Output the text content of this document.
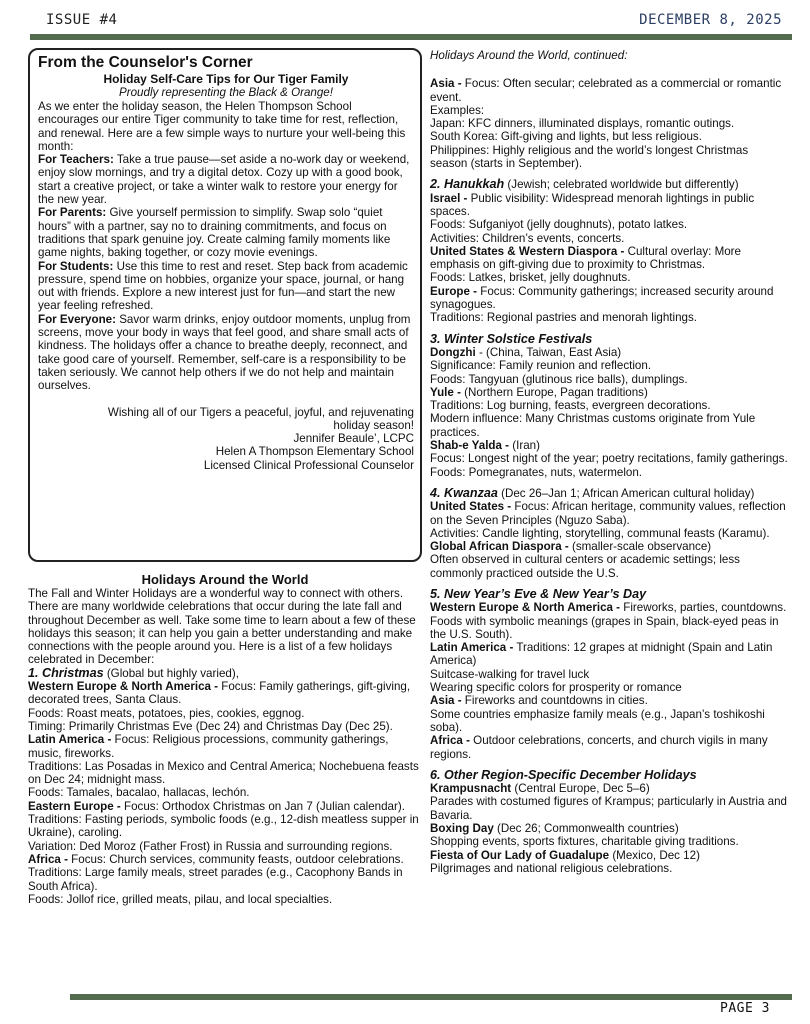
ISSUE #4	DECEMBER 8, 2025
From the Counselor's Corner
Holiday Self-Care Tips for Our Tiger Family
Proudly representing the Black & Orange!

As we enter the holiday season, the Helen Thompson School encourages our entire Tiger community to take time for rest, reflection, and renewal. Here are a few simple ways to nurture your well-being this month:

For Teachers: Take a true pause—set aside a no-work day or weekend, enjoy slow mornings, and try a digital detox. Cozy up with a good book, start a creative project, or take a winter walk to restore your energy for the new year.

For Parents: Give yourself permission to simplify. Swap solo “quiet hours” with a partner, say no to draining commitments, and focus on traditions that spark genuine joy. Create calming family moments like game nights, baking together, or cozy movie evenings.

For Students: Use this time to rest and reset. Step back from academic pressure, spend time on hobbies, organize your space, journal, or hang out with friends. Explore a new interest just for fun—and start the new year feeling refreshed.

For Everyone: Savor warm drinks, enjoy outdoor moments, unplug from screens, move your body in ways that feel good, and share small acts of kindness. The holidays offer a chance to breathe deeply, reconnect, and take good care of yourself. Remember, self-care is a responsibility to be taken seriously. We cannot help others if we do not help and maintain ourselves.

Wishing all of our Tigers a peaceful, joyful, and rejuvenating holiday season!

Jennifer Beaule’, LCPC

Helen A Thompson Elementary School

Licensed Clinical Professional Counselor

Holidays Around the World

The Fall and Winter Holidays are a wonderful way to connect with others. There are many worldwide celebrations that occur during the late fall and throughout December as well. Take some time to learn about a few of these holidays this season; it can help you gain a better understanding and make connections with the people around you. Here is a list of a few holidays celebrated in December:

1. Christmas (Global but highly varied),

Western Europe & North America - Focus: Family gatherings, gift-giving, decorated trees, Santa Claus.

Foods: Roast meats, potatoes, pies, cookies, eggnog.

Timing: Primarily Christmas Eve (Dec 24) and Christmas Day (Dec 25).

Latin America - Focus: Religious processions, community gatherings, music, fireworks.

Traditions: Las Posadas in Mexico and Central America; Nochebuena feasts on Dec 24; midnight mass.

Foods: Tamales, bacalao, hallacas, lechón.

Eastern Europe - Focus: Orthodox Christmas on Jan 7 (Julian calendar).

Traditions: Fasting periods, symbolic foods (e.g., 12-dish meatless supper in Ukraine), caroling.

Variation: Ded Moroz (Father Frost) in Russia and surrounding regions.

Africa - Focus: Church services, community feasts, outdoor celebrations. Traditions: Large family meals, street parades (e.g., Cacophony Bands in South Africa).

Foods: Jollof rice, grilled meats, pilau, and local specialties.

Holidays Around the World, continued:

Asia - Focus: Often secular; celebrated as a commercial or romantic event.

Examples:

Japan: KFC dinners, illuminated displays, romantic outings.

South Korea: Gift-giving and lights, but less religious.

Philippines: Highly religious and the world’s longest Christmas season (starts in September).

2. Hanukkah (Jewish; celebrated worldwide but differently)

Israel - Public visibility: Widespread menorah lightings in public spaces.

Foods: Sufganiyot (jelly doughnuts), potato latkes.

Activities: Children’s events, concerts.

United States & Western Diaspora - Cultural overlay: More emphasis on gift-giving due to proximity to Christmas.

Foods: Latkes, brisket, jelly doughnuts.

Europe - Focus: Community gatherings; increased security around synagogues.

Traditions: Regional pastries and menorah lightings.

3. Winter Solstice Festivals

Dongzhi - (China, Taiwan, East Asia)

Significance: Family reunion and reflection.

Foods: Tangyuan (glutinous rice balls), dumplings.

Yule - (Northern Europe, Pagan traditions)

Traditions: Log burning, feasts, evergreen decorations.

Modern influence: Many Christmas customs originate from Yule practices.

Shab-e Yalda - (Iran)

Focus: Longest night of the year; poetry recitations, family gatherings.

Foods: Pomegranates, nuts, watermelon.

4. Kwanzaa (Dec 26–Jan 1; African American cultural holiday)

United States - Focus: African heritage, community values, reflection on the Seven Principles (Nguzo Saba).

Activities: Candle lighting, storytelling, communal feasts (Karamu).

Global African Diaspora - (smaller-scale observance)

Often observed in cultural centers or academic settings; less commonly practiced outside the U.S.

5. New Year’s Eve & New Year’s Day

Western Europe & North America - Fireworks, parties, countdowns.

Foods with symbolic meanings (grapes in Spain, black-eyed peas in the U.S. South).

Latin America - Traditions: 12 grapes at midnight (Spain and Latin America)

Suitcase-walking for travel luck

Wearing specific colors for prosperity or romance

Asia - Fireworks and countdowns in cities.

Some countries emphasize family meals (e.g., Japan’s toshikoshi soba).

Africa - Outdoor celebrations, concerts, and church vigils in many regions.

6. Other Region-Specific December Holidays

Krampusnacht (Central Europe, Dec 5–6)

Parades with costumed figures of Krampus; particularly in Austria and Bavaria.

Boxing Day (Dec 26; Commonwealth countries)

Shopping events, sports fixtures, charitable giving traditions.

Fiesta of Our Lady of Guadalupe (Mexico, Dec 12)

Pilgrimages and national religious celebrations.

PAGE 3
